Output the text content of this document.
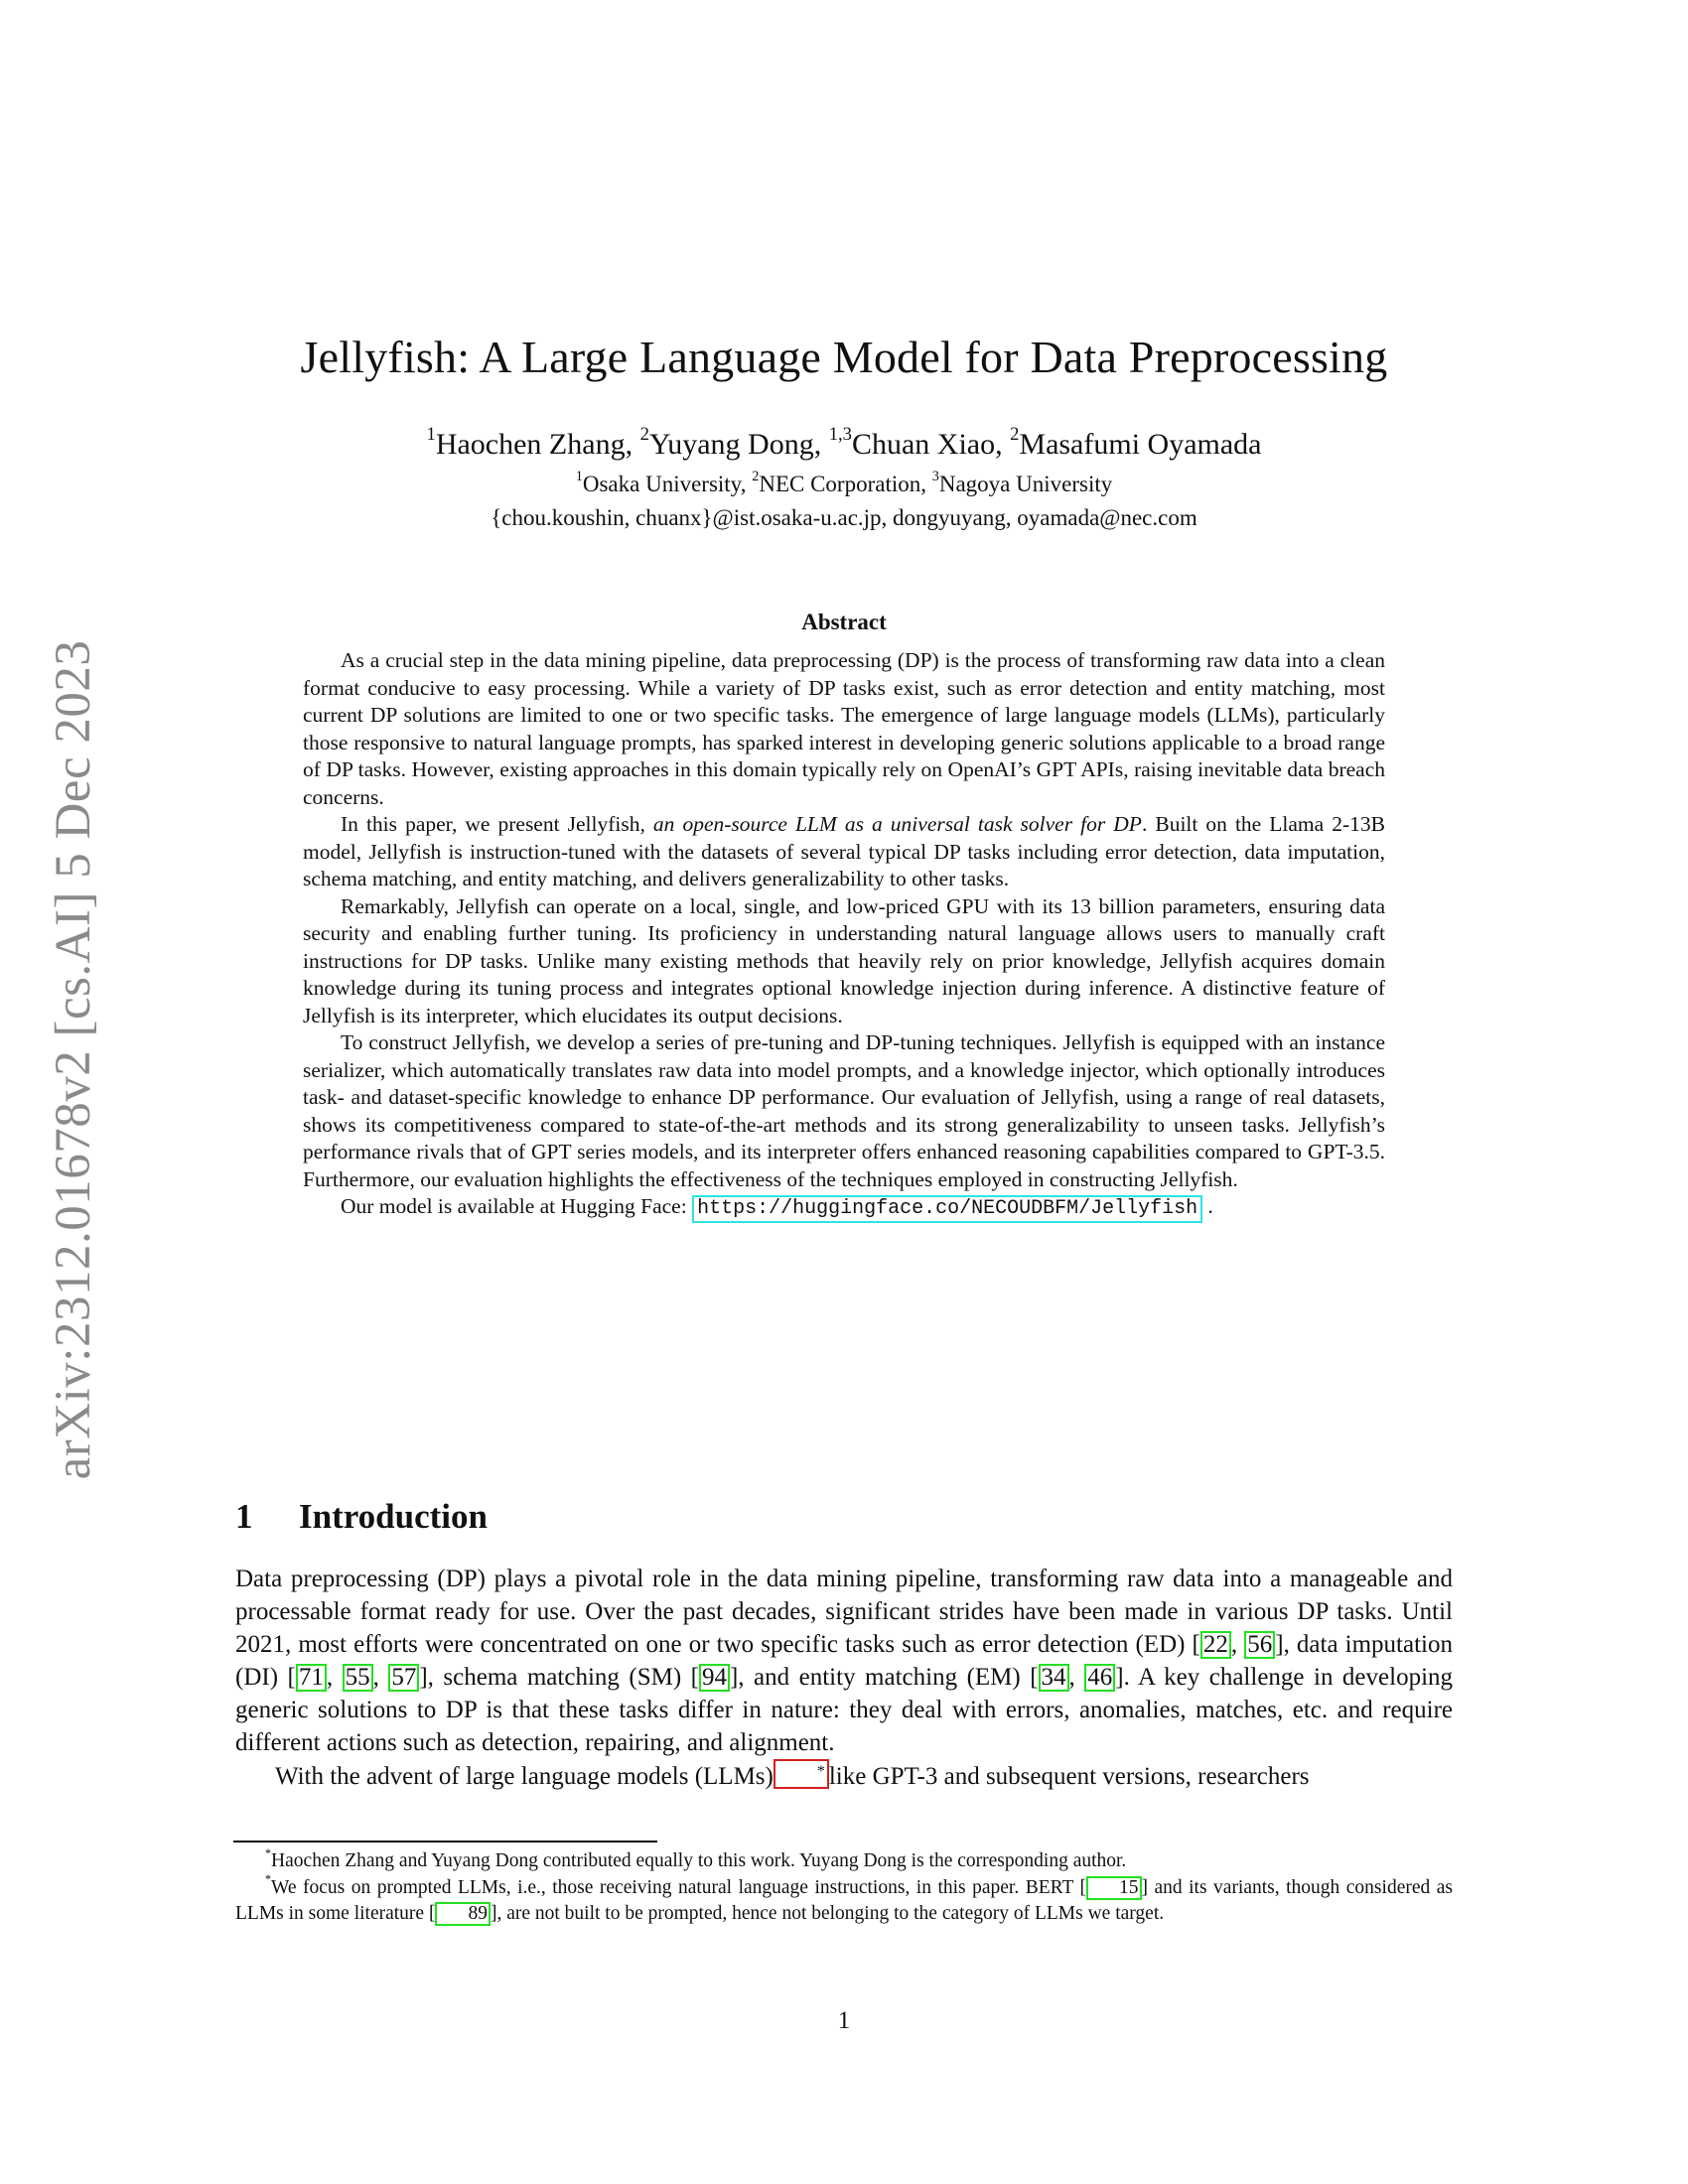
arXiv:2312.01678v2 [cs.AI] 5 Dec 2023
Jellyfish: A Large Language Model for Data Preprocessing
$^1$Haochen Zhang, $^2$Yuyang Dong, $^{1,3}$Chuan Xiao, $^2$Masafumi Oyamada
$^1$Osaka University, $^2$NEC Corporation, $^3$Nagoya University
{chou.koushin, chuanx}@ist.osaka-u.ac.jp, dongyuyang, oyamada@nec.com
Abstract

As a crucial step in the data mining pipeline, data preprocessing (DP) is the process of transforming raw data into a clean format conducive to easy processing. While a variety of DP tasks exist, such as error detection and entity matching, most current DP solutions are limited to one or two specific tasks. The emergence of large language models (LLMs), particularly those responsive to natural language prompts, has sparked interest in developing generic solutions applicable to a broad range of DP tasks. However, existing approaches in this domain typically rely on OpenAI’s GPT APIs, raising inevitable data breach concerns.

In this paper, we present Jellyfish, an open-source LLM as a universal task solver for DP. Built on the Llama 2-13B model, Jellyfish is instruction-tuned with the datasets of several typical DP tasks including error detection, data imputation, schema matching, and entity matching, and delivers generalizability to other tasks.

Remarkably, Jellyfish can operate on a local, single, and low-priced GPU with its 13 billion parameters, ensuring data security and enabling further tuning. Its proficiency in understanding natural language allows users to manually craft instructions for DP tasks. Unlike many existing methods that heavily rely on prior knowledge, Jellyfish acquires domain knowledge during its tuning process and integrates optional knowledge injection during inference. A distinctive feature of Jellyfish is its interpreter, which elucidates its output decisions.

To construct Jellyfish, we develop a series of pre-tuning and DP-tuning techniques. Jellyfish is equipped with an instance serializer, which automatically translates raw data into model prompts, and a knowledge injector, which optionally introduces task- and dataset-specific knowledge to enhance DP performance. Our evaluation of Jellyfish, using a range of real datasets, shows its competitiveness compared to state-of-the-art methods and its strong generalizability to unseen tasks. Jellyfish’s performance rivals that of GPT series models, and its interpreter offers enhanced reasoning capabilities compared to GPT-3.5. Furthermore, our evaluation highlights the effectiveness of the techniques employed in constructing Jellyfish.

Our model is available at Hugging Face: https://huggingface.co/NECOUDBFM/Jellyfish .

1 Introduction

Data preprocessing (DP) plays a pivotal role in the data mining pipeline, transforming raw data into a manageable and processable format ready for use. Over the past decades, significant strides have been made in various DP tasks. Until 2021, most efforts were concentrated on one or two specific tasks such as error detection (ED) [ 22 , 56 ], data imputation (DI) [ 71 , 55 , 57 ], schema matching (SM) [ 94 ], and entity matching (EM) [ 34 , 46 ]. A key challenge in developing generic solutions to DP is that these tasks differ in nature: they deal with errors, anomalies, matches, etc. and require different actions such as detection, repairing, and alignment.

With the advent of large language models (LLMs)	* like GPT-3 and subsequent versions, researchers

*Haochen Zhang and Yuyang Dong contributed equally to this work. Yuyang Dong is the corresponding author.

*We focus on prompted LLMs, i.e., those receiving natural language instructions, in this paper. BERT [ 15 ] and its variants, though considered as LLMs in some literature [ 89 ], are not built to be prompted, hence not belonging to the category of LLMs we target.

1
